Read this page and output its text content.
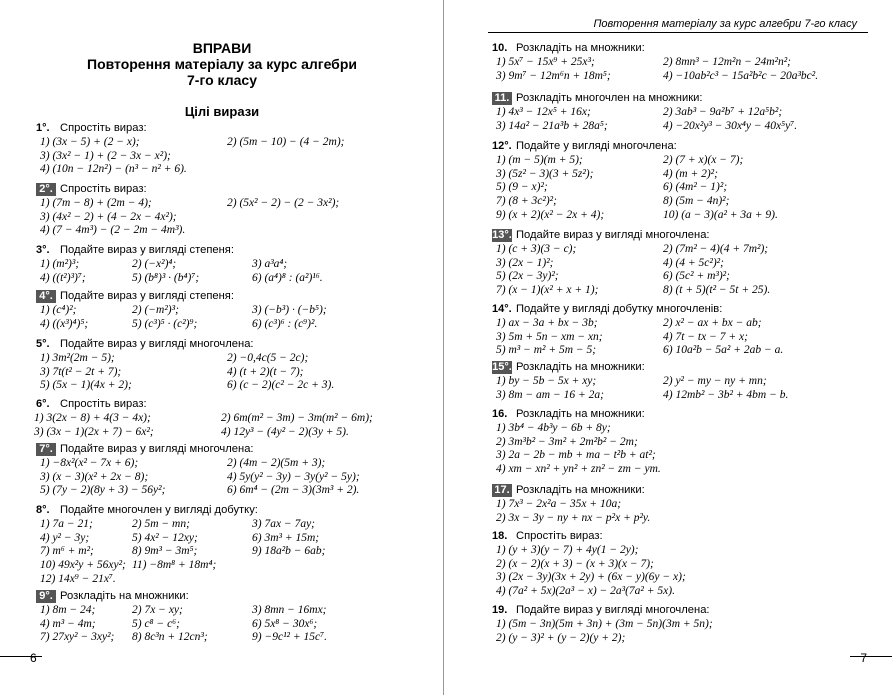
ВПРАВИ
Повторення матеріалу за курс алгебри
7-го класу
Цілі вирази
1°. Спростіть вираз:
1) (3x − 5) + (2 − x);	2) (5m − 10) − (4 − 2m);
3) (3x² − 1) + (2 − 3x − x²);
4) (10n − 12n²) − (n³ − n² + 6).
2°. Спростіть вираз:
1) (7m − 8) + (2m − 4);	2) (5x² − 2) − (2 − 3x²);
3) (4x² − 2) + (4 − 2x − 4x²);
4) (7 − 4m³) − (2 − 2m − 4m³).
3°. Подайте вираз у вигляді степеня:
1) (m²)³;	2) (−x²)⁴;	3) a³a⁴;
4) ((t²)³)⁷;	5) (b⁸)³ · (b⁴)⁷;	6) (a⁴)⁸ : (a²)¹⁶.
4°. Подайте вираз у вигляді степеня:
1) (c⁴)²;	2) (−m²)³;	3) (−b³) · (−b⁵);
4) ((x³)⁴)⁵;	5) (c³)⁵ · (c²)⁹;	6) (c³)⁶ : (c⁹)².
5°. Подайте вираз у вигляді многочлена:
1) 3m²(2m − 5);	2) −0,4c(5 − 2c);
3) 7t(t² − 2t + 7);	4) (t + 2)(t − 7);
5) (5x − 1)(4x + 2);	6) (c − 2)(c² − 2c + 3).
6°. Спростіть вираз:
1) 3(2x − 8) + 4(3 − 4x);	2) 6m(m² − 3m) − 3m(m² − 6m);
3) (3x − 1)(2x + 7) − 6x²;	4) 12y³ − (4y² − 2)(3y + 5).
7°. Подайте вираз у вигляді многочлена:
1) −8x²(x² − 7x + 6);	2) (4m − 2)(5m + 3);
3) (x − 3)(x² + 2x − 8);	4) 5y(y² − 3y) − 3y(y² − 5y);
5) (7y − 2)(8y + 3) − 56y²;	6) 6m⁴ − (2m − 3)(3m³ + 2).
8°. Подайте многочлен у вигляді добутку:
1) 7a − 21;	2) 5m − mn;	3) 7ax − 7ay;
4) y² − 3y;	5) 4x² − 12xy;	6) 3m³ + 15m;
7) m⁶ + m²;	8) 9m³ − 3m⁵;	9) 18a²b − 6ab;
10) 49x²y + 56xy²; 11) −8m⁸ + 18m⁴;
12) 14x⁹ − 21x⁷.
9°. Розкладіть на множники:
1) 8m − 24;	2) 7x − xy;	3) 8mn − 16mx;
4) m³ − 4m;	5) c⁸ − c⁶;	6) 5x⁸ − 30x⁶;
7) 27xy² − 3xy²;	8) 8c³n + 12cn³;	9) −9c¹² + 15c⁷.
6
Повторення матеріалу за курс алгебри 7-го класу
10. Розкладіть на множники:
1) 5x⁷ − 15x⁹ + 25x³;	2) 8mn³ − 12m²n − 24m²n²;
3) 9m⁷ − 12m⁶n + 18m⁵;	4) −10ab²c³ − 15a²b²c − 20a³bc².
11. Розкладіть многочлен на множники:
1) 4x³ − 12x⁵ + 16x;	2) 3ab³ − 9a²b⁷ + 12a⁵b²;
3) 14a² − 21a³b + 28a⁵;	4) −20x²y³ − 30x⁴y − 40x⁵y⁷.
12°. Подайте у вигляді многочлена:
1) (m − 5)(m + 5);	2) (7 + x)(x − 7);
3) (5z² − 3)(3 + 5z²);	4) (m + 2)²;
5) (9 − x)²;	6) (4m² − 1)²;
7) (8 + 3c²)²;	8) (5m − 4n)²;
9) (x + 2)(x² − 2x + 4);	10) (a − 3)(a² + 3a + 9).
13°. Подайте вираз у вигляді многочлена:
1) (c + 3)(3 − c);	2) (7m² − 4)(4 + 7m²);
3) (2x − 1)²;	4) (4 + 5c²)²;
5) (2x − 3y)²;	6) (5c² + m³)²;
7) (x − 1)(x² + x + 1);	8) (t + 5)(t² − 5t + 25).
14°. Подайте у вигляді добутку многочленів:
1) ax − 3a + bx − 3b;	2) x² − ax + bx − ab;
3) 5m + 5n − xm − xn;	4) 7t − tx − 7 + x;
5) m³ − m² + 5m − 5;	6) 10a²b − 5a² + 2ab − a.
15°. Розкладіть на множники:
1) by − 5b − 5x + xy;	2) y² − my − ny + mn;
3) 8m − am − 16 + 2a;	4) 12mb² − 3b² + 4bm − b.
16. Розкладіть на множники:
1) 3b⁴ − 4b³y − 6b + 8y;
2) 3m³b² − 3m² + 2m²b² − 2m;
3) 2a − 2b − mb + ma − t²b + at²;
4) xm − xn² + yn² + zn² − zm − ym.
17. Розкладіть на множники:
1) 7x³ − 2x²a − 35x + 10a;
2) 3x − 3y − ny + nx − p²x + p²y.
18. Спростіть вираз:
1) (y + 3)(y − 7) + 4y(1 − 2y);
2) (x − 2)(x + 3) − (x + 3)(x − 7);
3) (2x − 3y)(3x + 2y) + (6x − y)(6y − x);
4) (7a² + 5x)(2a³ − x) − 2a³(7a² + 5x).
19. Подайте вираз у вигляді многочлена:
1) (5m − 3n)(5m + 3n) + (3m − 5n)(3m + 5n);
2) (y − 3)² + (y − 2)(y + 2);
7
